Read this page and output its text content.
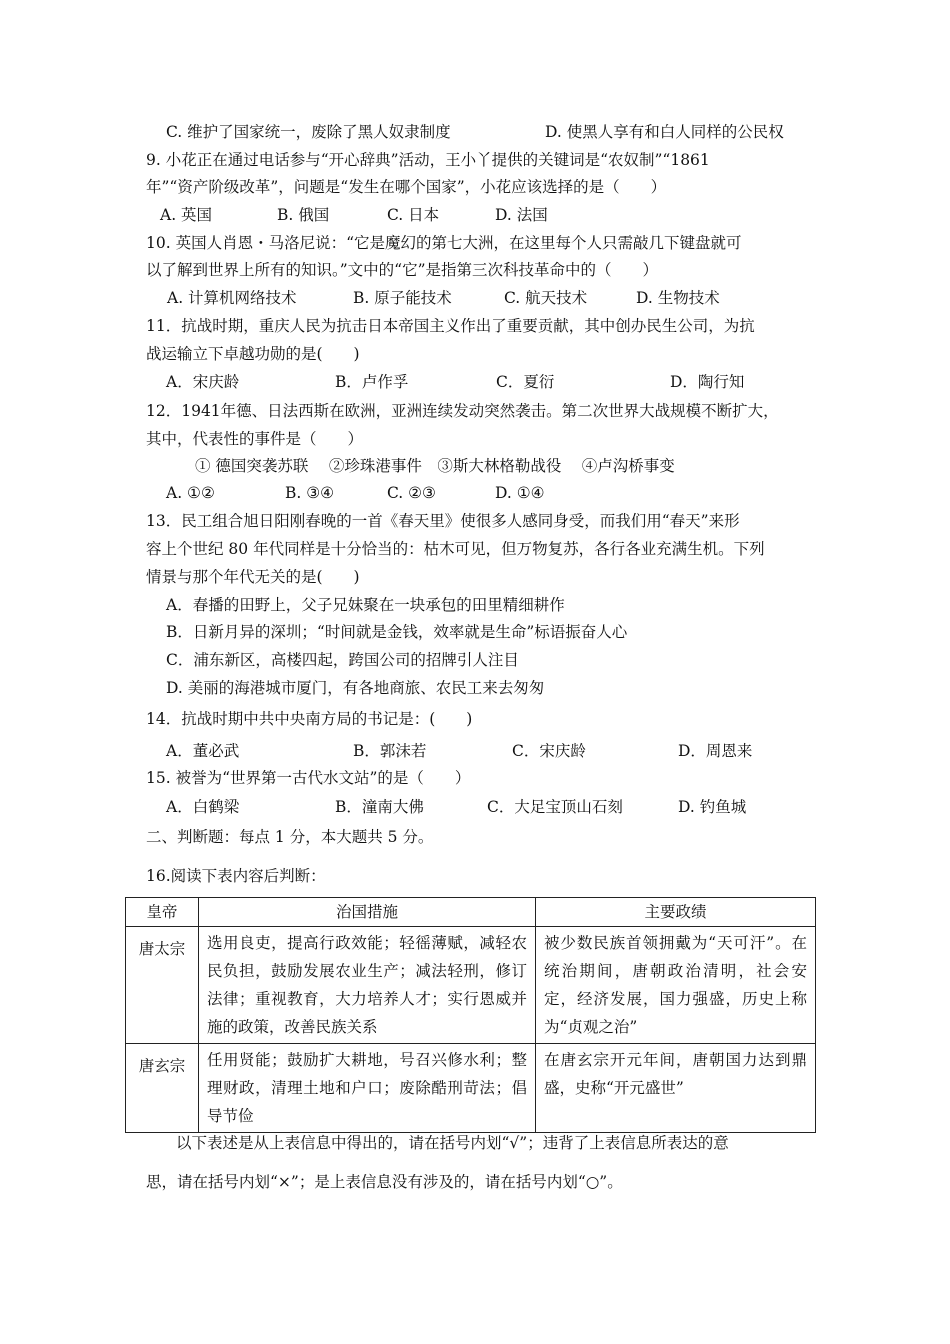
C. 维护了国家统一，废除了黑人奴隶制度	D. 使黑人享有和白人同样的公民权
9. 小花正在通过电话参与“开心辞典”活动，王小丫提供的关键词是“农奴制”“1861
年”“资产阶级改革”，问题是“发生在哪个国家”，小花应该选择的是（　　）
A. 英国	B. 俄国	C. 日本	D. 法国
10. 英国人肖恩・马洛尼说：“它是魔幻的第七大洲，在这里每个人只需敲几下键盘就可
以了解到世界上所有的知识。”文中的“它”是指第三次科技革命中的（　　）
A. 计算机网络技术	B. 原子能技术	C. 航天技术	D. 生物技术
11．抗战时期，重庆人民为抗击日本帝国主义作出了重要贡献，其中创办民生公司，为抗
战运输立下卓越功勋的是(　　)
A．宋庆龄	B．卢作孚	C．夏衍	D．陶行知
12．1941年德、日法西斯在欧洲，亚洲连续发动突然袭击。第二次世界大战规模不断扩大，
其中，代表性的事件是（　　）
① 德国突袭苏联　 ②珍珠港事件　③斯大林格勒战役　 ④卢沟桥事变
A. ①②	B. ③④	C. ②③	D. ①④
13．民工组合旭日阳刚春晚的一首《春天里》使很多人感同身受，而我们用“春天”来形
容上个世纪 80 年代同样是十分恰当的：枯木可见，但万物复苏，各行各业充满生机。下列
情景与那个年代无关的是(　　)
A．春播的田野上，父子兄妹聚在一块承包的田里精细耕作
B．日新月异的深圳；“时间就是金钱，效率就是生命”标语振奋人心
C．浦东新区，高楼四起，跨国公司的招牌引人注目
D. 美丽的海港城市厦门，有各地商旅、农民工来去匆匆
14．抗战时期中共中央南方局的书记是：(　　)
A．董必武	B．郭沫若	C．宋庆龄	D．周恩来
15. 被誉为“世界第一古代水文站”的是（　　）
A．白鹤梁	B．潼南大佛	C．大足宝顶山石刻	D. 钓鱼城
二、判断题：每点 1 分，本大题共 5 分。
16.阅读下表内容后判断：
皇帝	治国措施	主要政绩
唐太宗	选用良吏，提高行政效能；轻徭薄赋，减轻农民负担，鼓励发展农业生产；减法轻刑，修订法律；重视教育，大力培养人才；实行恩威并施的政策，改善民族关系	被少数民族首领拥戴为“天可汗”。在统治期间，唐朝政治清明，社会安定，经济发展，国力强盛，历史上称为“贞观之治”
唐玄宗	任用贤能；鼓励扩大耕地，号召兴修水利；整理财政，清理土地和户口；废除酷刑苛法；倡导节俭	在唐玄宗开元年间，唐朝国力达到鼎盛，史称“开元盛世”
以下表述是从上表信息中得出的，请在括号内划“√”；违背了上表信息所表达的意
思，请在括号内划“×”；是上表信息没有涉及的，请在括号内划“○”。
